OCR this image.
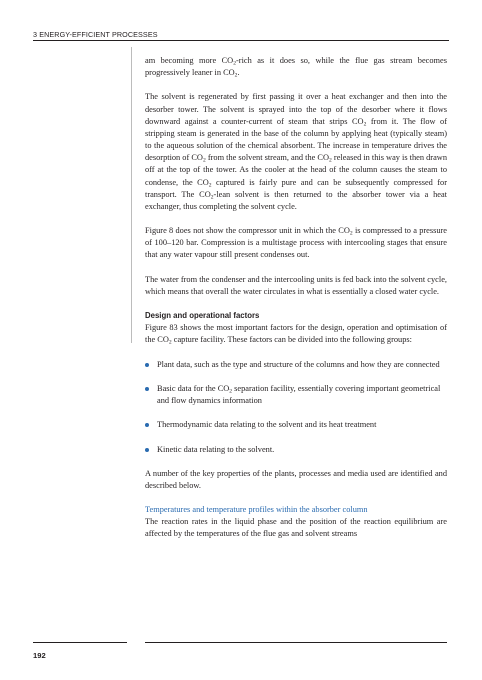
3 ENERGY-EFFICIENT PROCESSES

am becoming more $CO_2$-rich as it does so, while the flue gas stream becomes progressively leaner in $CO_2$.

The solvent is regenerated by first passing it over a heat exchanger and then into the desorber tower. The solvent is sprayed into the top of the desorber where it flows downward against a counter-current of steam that strips $CO_2$ from it. The flow of stripping steam is generated in the base of the column by applying heat (typically steam) to the aqueous solution of the chemical absorbent. The increase in temperature drives the desorption of $CO_2$ from the solvent stream, and the $CO_2$ released in this way is then drawn off at the top of the tower. As the cooler at the head of the column causes the steam to condense, the $CO_2$ captured is fairly pure and can be subsequently compressed for transport. The $CO_2$-lean solvent is then returned to the absorber tower via a heat exchanger, thus completing the solvent cycle.

Figure 8 does not show the compressor unit in which the $CO_2$ is compressed to a pressure of 100–120 bar. Compression is a multistage process with intercooling stages that ensure that any water vapour still present condenses out.

The water from the condenser and the intercooling units is fed back into the solvent cycle, which means that overall the water circulates in what is essentially a closed water cycle.

Design and operational factors

Figure 83 shows the most important factors for the design, operation and optimisation of the $CO_2$ capture facility. These factors can be divided into the following groups:

Plant data, such as the type and structure of the columns and how they are connected
Basic data for the $CO_2$ separation facility, essentially covering important geometrical and flow dynamics information
Thermodynamic data relating to the solvent and its heat treatment
Kinetic data relating to the solvent.

A number of the key properties of the plants, processes and media used are identified and described below.

Temperatures and temperature profiles within the absorber column

The reaction rates in the liquid phase and the position of the reaction equilibrium are affected by the temperatures of the flue gas and solvent streams

192
